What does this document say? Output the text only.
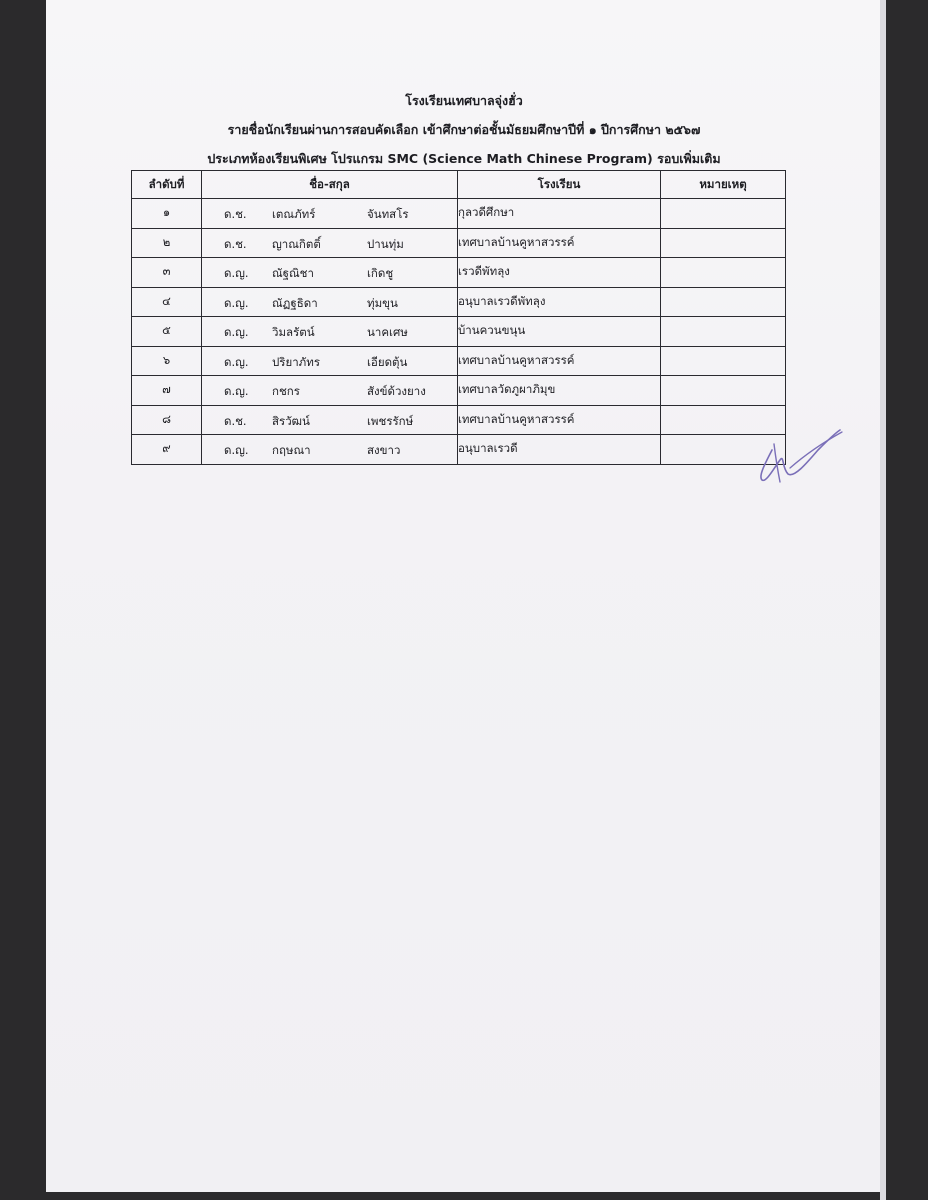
โรงเรียนเทศบาลจุ่งฮั่ว
รายชื่อนักเรียนผ่านการสอบคัดเลือก เข้าศึกษาต่อชั้นมัธยมศึกษาปีที่ ๑ ปีการศึกษา ๒๕๖๗
ประเภทห้องเรียนพิเศษ โปรแกรม SMC (Science Math Chinese Program) รอบเพิ่มเติม
ลำดับที่	ชื่อ-สกุล	โรงเรียน	หมายเหตุ
๑	ด.ช. เตณภัทร์ จันทสโร	กุลวดีศึกษา	
๒	ด.ช. ญาณกิตติ์ ปานทุ่ม	เทศบาลบ้านคูหาสวรรค์	
๓	ด.ญ. ณัฐณิชา เกิดชู	เรวดีพัทลุง	
๔	ด.ญ. ณัฏฐธิดา ทุ่มขุน	อนุบาลเรวดีพัทลุง	
๕	ด.ญ. วิมลรัตน์ นาคเศษ	บ้านควนขนุน	
๖	ด.ญ. ปริยาภัทร เอียดตุ้น	เทศบาลบ้านคูหาสวรรค์	
๗	ด.ญ. กชกร สังข์ด้วงยาง	เทศบาลวัดภูผาภิมุข	
๘	ด.ช. สิรวัฒน์ เพชรรักษ์	เทศบาลบ้านคูหาสวรรค์	
๙	ด.ญ. กฤษณา สงขาว	อนุบาลเรวดี	
